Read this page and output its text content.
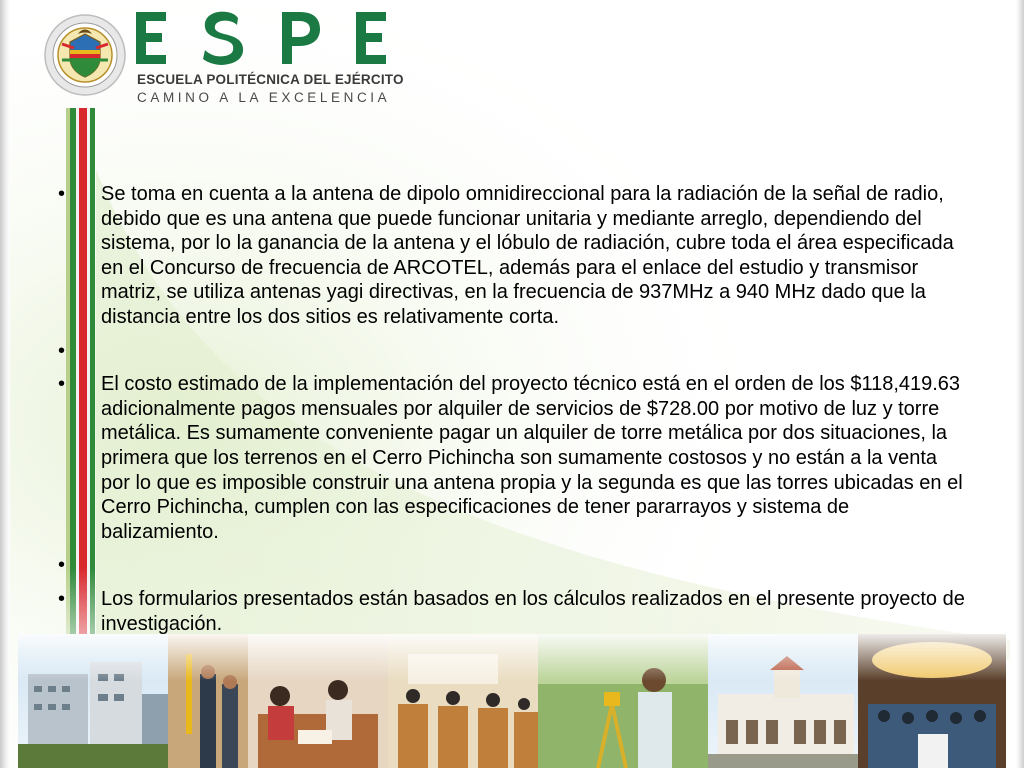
ESCUELA POLITÉCNICA DEL EJÉRCITO
CAMINO A LA EXCELENCIA
•	Se toma en cuenta a la antena de dipolo omnidireccional para la radiación de la señal de radio, debido que es una antena que puede funcionar unitaria y mediante arreglo, dependiendo del sistema, por lo la ganancia de la antena y el lóbulo de radiación, cubre toda el área especificada en el Concurso de frecuencia de ARCOTEL, además para el enlace del estudio y transmisor matriz, se utiliza antenas yagi directivas, en la frecuencia de 937MHz a 940 MHz dado que la distancia entre los dos sitios es relativamente corta.
•
•	El costo estimado de la implementación del proyecto técnico está en el orden de los $118,419.63 adicionalmente pagos mensuales por alquiler de servicios de $728.00 por motivo de luz y torre metálica. Es sumamente conveniente pagar un alquiler de torre metálica por dos situaciones, la primera que los terrenos en el Cerro Pichincha son sumamente costosos y no están a la venta por lo que es imposible construir una antena propia y la segunda es que las torres ubicadas en el Cerro Pichincha, cumplen con las especificaciones de tener pararrayos y sistema de balizamiento.
•
•	Los formularios presentados están basados en los cálculos realizados en el presente proyecto de investigación.
